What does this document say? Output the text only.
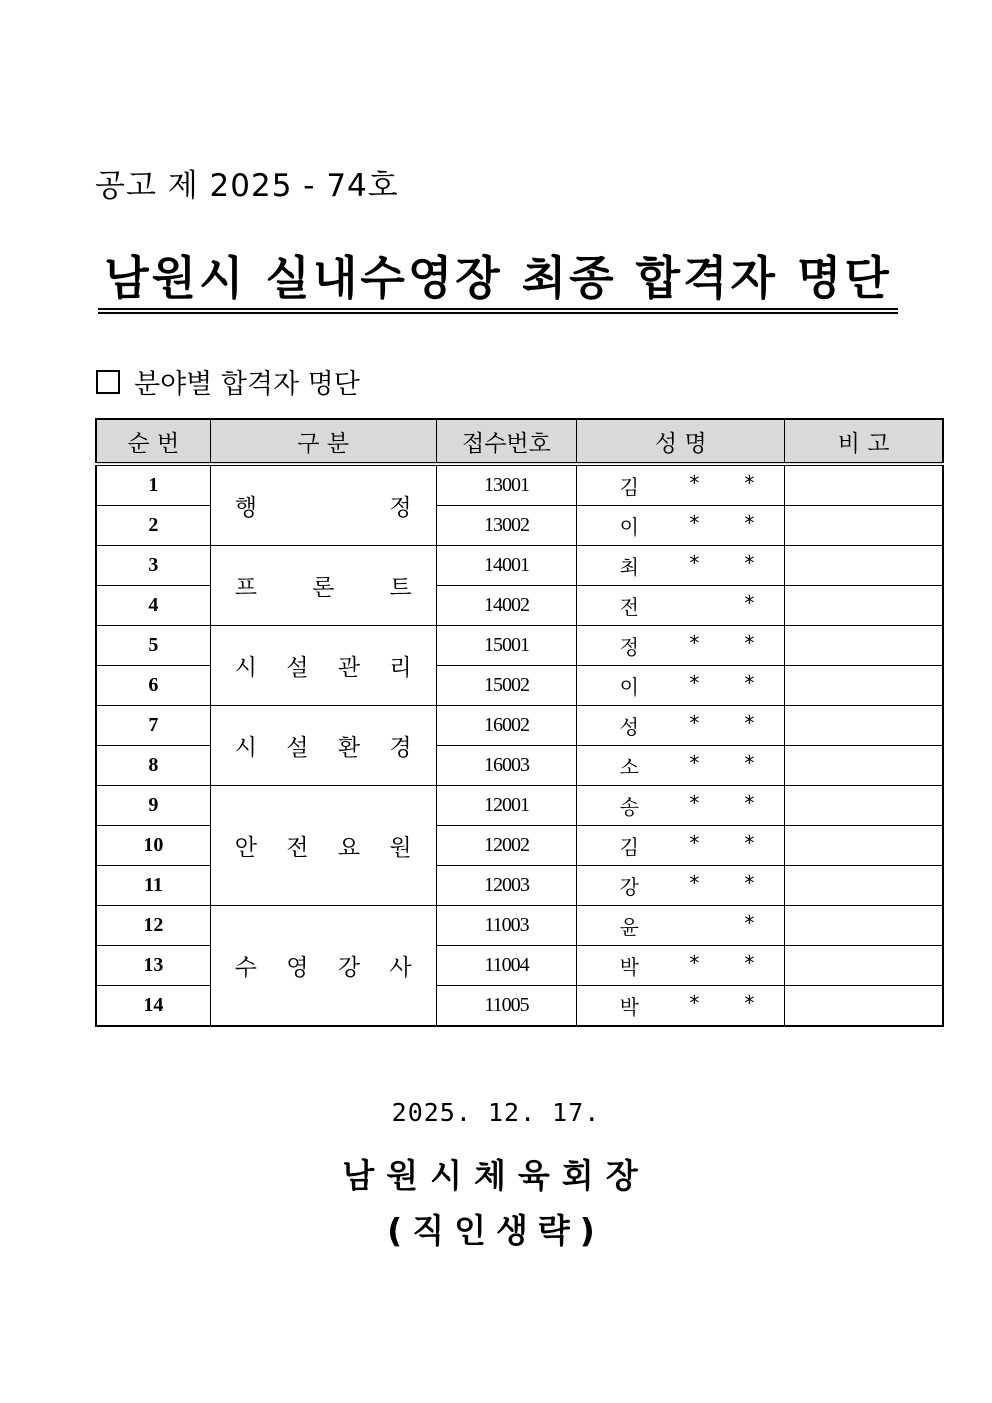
공고 제 2025 - 74호
남원시 실내수영장 최종 합격자 명단
분야별 합격자 명단
순 번	구 분	접수번호	성 명	비 고
1	행 정	13001	김 * *	

2		13002	이 * *	

3	프 론 트	14001	최 * *	

4		14002	전 *	

5	시 설 관 리	15001	정 * *	

6		15002	이 * *	

7	시 설 환 경	16002	성 * *	

8		16003	소 * *	

9	안 전 요 원	12001	송 * *	

10		12002	김 * *	

11		12003	강 * *	

12	수 영 강 사	11003	윤 *	

13		11004	박 * *	

14		11005	박 * *	

2025. 12. 17.
남원시체육회장
(직인생략)
